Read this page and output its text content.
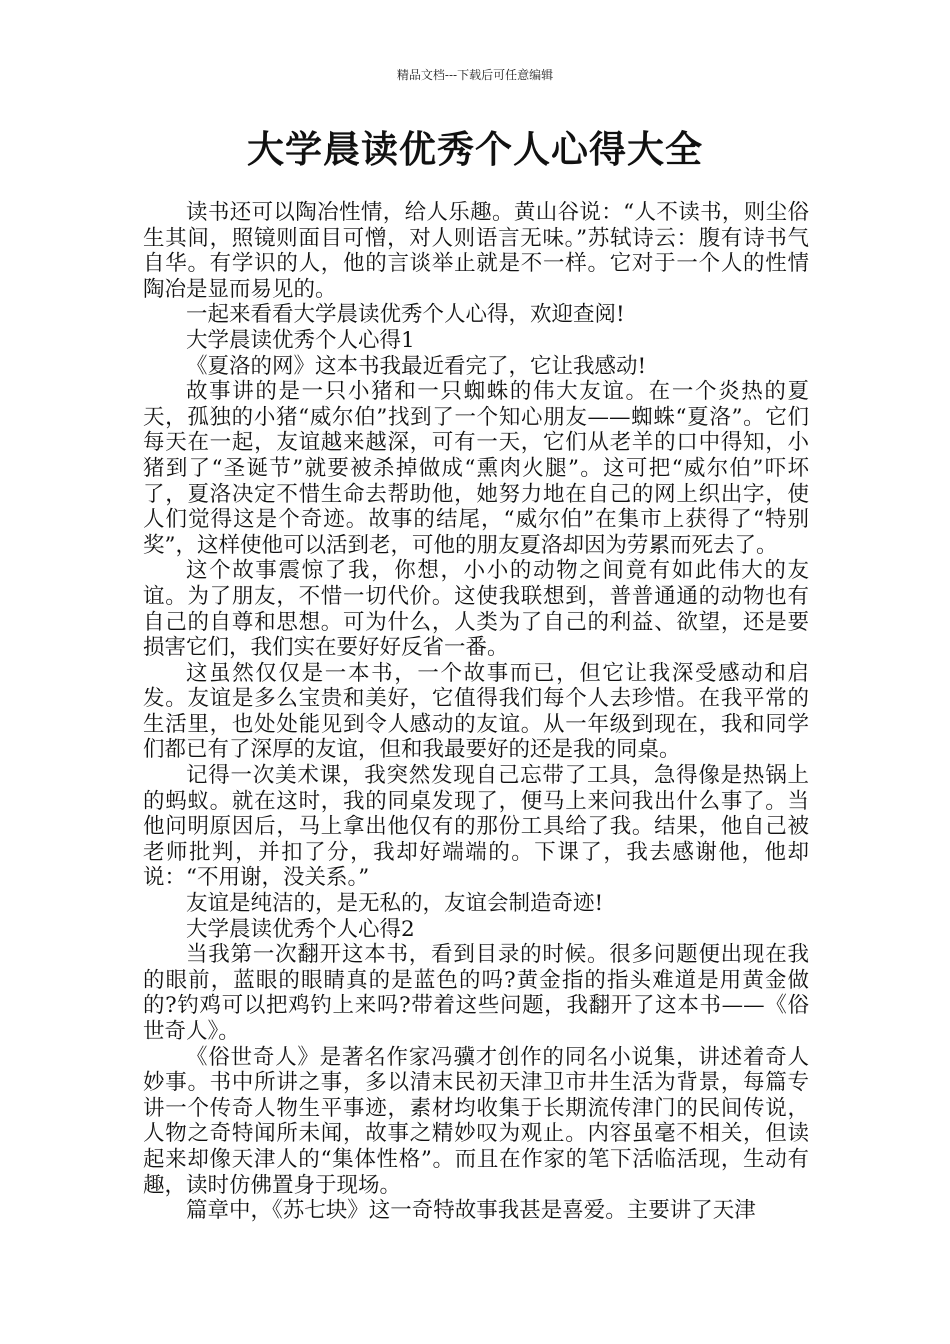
精品文档---下载后可任意编辑
大学晨读优秀个人心得大全

读书还可以陶冶性情，给人乐趣。黄山谷说：“人不读书，则尘俗生其间，照镜则面目可憎，对人则语言无味。”苏轼诗云：腹有诗书气自华。有学识的人，他的言谈举止就是不一样。它对于一个人的性情陶冶是显而易见的。

一起来看看大学晨读优秀个人心得，欢迎查阅!

大学晨读优秀个人心得1

《夏洛的网》这本书我最近看完了，它让我感动!

故事讲的是一只小猪和一只蜘蛛的伟大友谊。在一个炎热的夏天，孤独的小猪“威尔伯”找到了一个知心朋友——蜘蛛“夏洛”。它们每天在一起，友谊越来越深，可有一天，它们从老羊的口中得知，小猪到了“圣诞节”就要被杀掉做成“熏肉火腿”。这可把“威尔伯”吓坏了，夏洛决定不惜生命去帮助他，她努力地在自己的网上织出字，使人们觉得这是个奇迹。故事的结尾，“威尔伯”在集市上获得了“特别奖”，这样使他可以活到老，可他的朋友夏洛却因为劳累而死去了。

这个故事震惊了我，你想，小小的动物之间竟有如此伟大的友谊。为了朋友，不惜一切代价。这使我联想到，普普通通的动物也有自己的自尊和思想。可为什么，人类为了自己的利益、欲望，还是要损害它们，我们实在要好好反省一番。

这虽然仅仅是一本书，一个故事而已，但它让我深受感动和启发。友谊是多么宝贵和美好，它值得我们每个人去珍惜。在我平常的生活里，也处处能见到令人感动的友谊。从一年级到现在，我和同学们都已有了深厚的友谊，但和我最要好的还是我的同桌。

记得一次美术课，我突然发现自己忘带了工具，急得像是热锅上的蚂蚁。就在这时，我的同桌发现了，便马上来问我出什么事了。当他问明原因后，马上拿出他仅有的那份工具给了我。结果，他自己被老师批判，并扣了分，我却好端端的。下课了，我去感谢他，他却说：“不用谢，没关系。”

友谊是纯洁的，是无私的，友谊会制造奇迹!

大学晨读优秀个人心得2

当我第一次翻开这本书，看到目录的时候。很多问题便出现在我的眼前，蓝眼的眼睛真的是蓝色的吗?黄金指的指头难道是用黄金做的?钓鸡可以把鸡钓上来吗?带着这些问题，我翻开了这本书——《俗世奇人》。

《俗世奇人》是著名作家冯骥才创作的同名小说集，讲述着奇人妙事。书中所讲之事，多以清末民初天津卫市井生活为背景，每篇专讲一个传奇人物生平事迹，素材均收集于长期流传津门的民间传说，人物之奇特闻所未闻，故事之精妙叹为观止。内容虽毫不相关，但读起来却像天津人的“集体性格”。而且在作家的笔下活临活现，生动有趣，读时仿佛置身于现场。

篇章中，《苏七块》这一奇特故事我甚是喜爱。主要讲了天津
